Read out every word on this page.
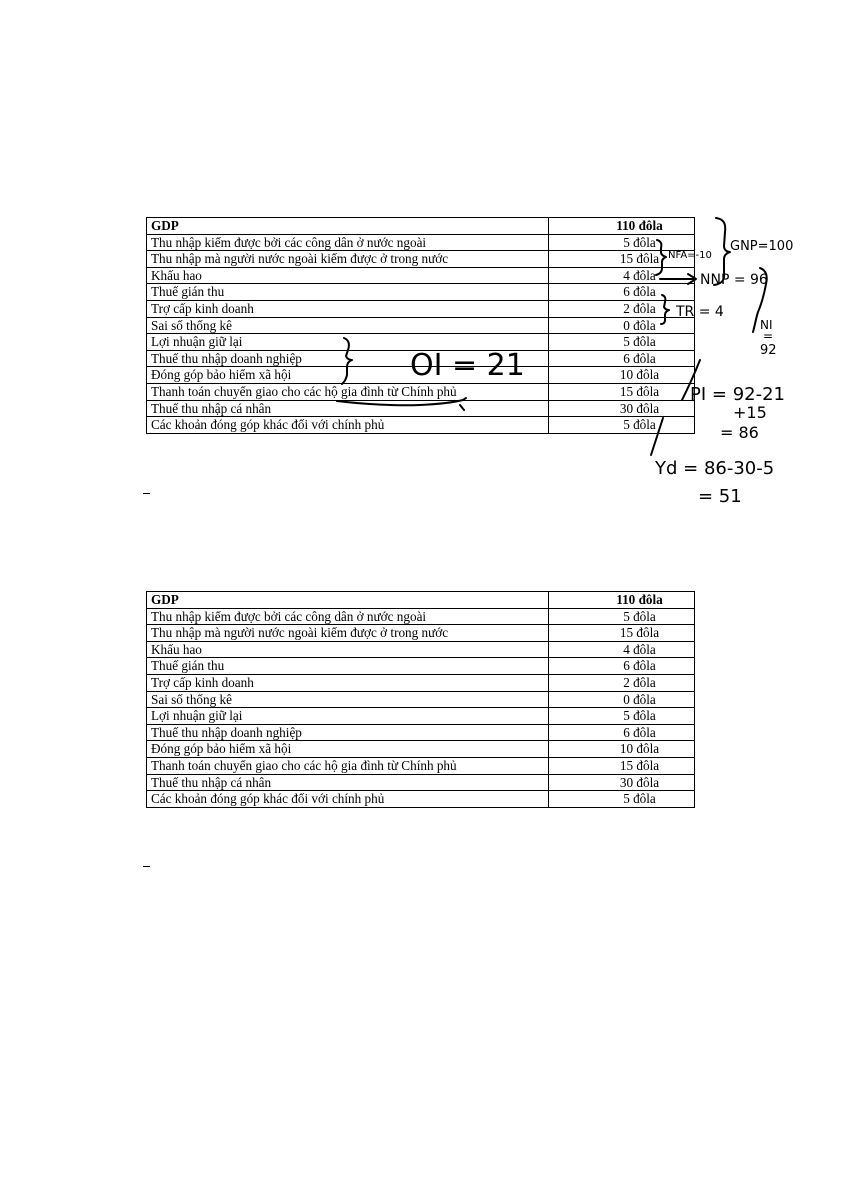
GDP	110 đôla
Thu nhập kiếm được bởi các công dân ở nước ngoài	5 đôla
Thu nhập mà người nước ngoài kiếm được ở trong nước	15 đôla
Khấu hao	4 đôla
Thuế gián thu	6 đôla
Trợ cấp kinh doanh	2 đôla
Sai số thống kê	0 đôla
Lợi nhuận giữ lại	5 đôla
Thuế thu nhập doanh nghiệp	6 đôla
Đóng góp bảo hiểm xã hội	10 đôla
Thanh toán chuyển giao cho các hộ gia đình từ Chính phủ	15 đôla
Thuế thu nhập cá nhân	30 đôla
Các khoản đóng góp khác đối với chính phủ	5 đôla
GDP	110 đôla
Thu nhập kiếm được bởi các công dân ở nước ngoài	5 đôla
Thu nhập mà người nước ngoài kiếm được ở trong nước	15 đôla
Khấu hao	4 đôla
Thuế gián thu	6 đôla
Trợ cấp kinh doanh	2 đôla
Sai số thống kê	0 đôla
Lợi nhuận giữ lại	5 đôla
Thuế thu nhập doanh nghiệp	6 đôla
Đóng góp bảo hiểm xã hội	10 đôla
Thanh toán chuyển giao cho các hộ gia đình từ Chính phủ	15 đôla
Thuế thu nhập cá nhân	30 đôla
Các khoản đóng góp khác đối với chính phủ	5 đôla
GNP=100
NFA=-10
NNP = 96
TR = 4
NI
=
92
OI = 21
PI = 92-21
+15
= 86
Yd = 86-30-5
= 51
